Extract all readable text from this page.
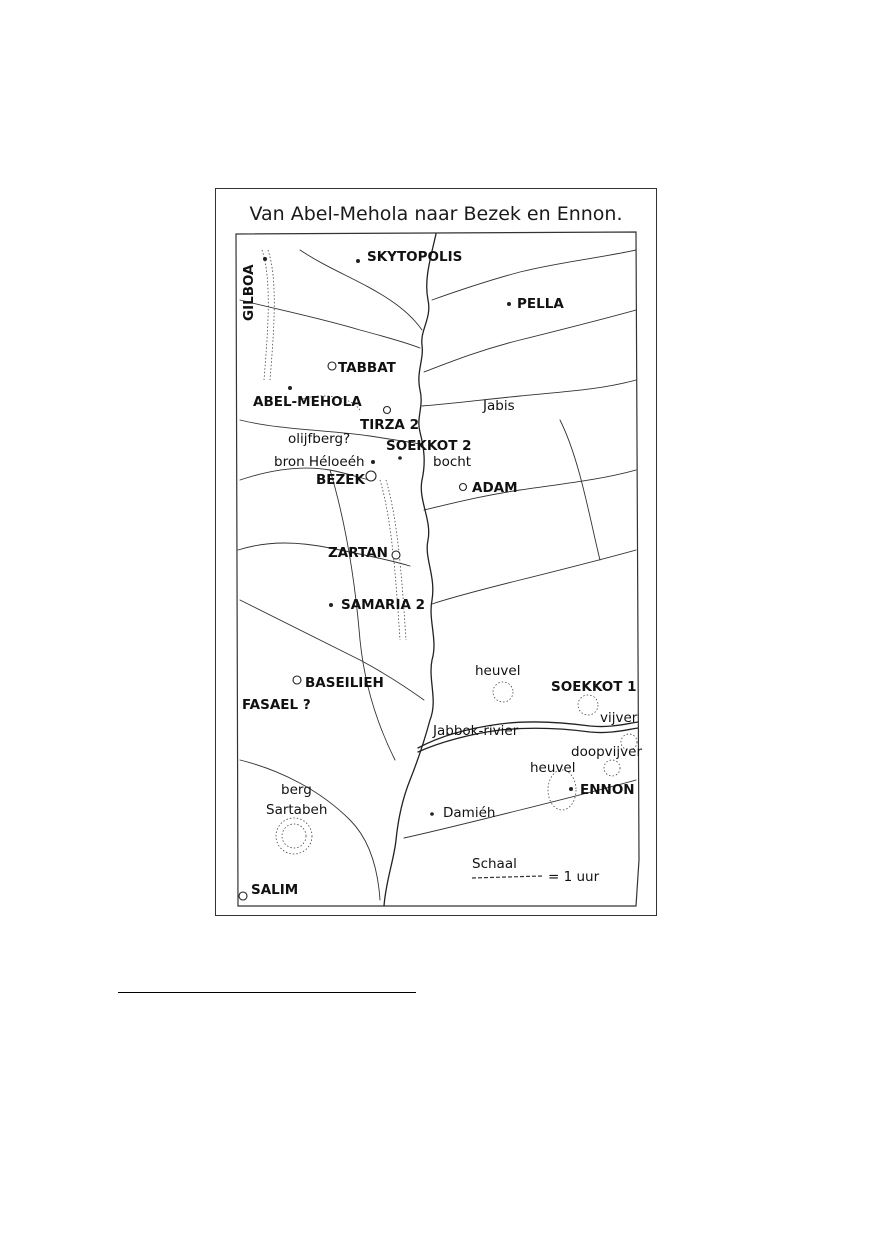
Van Abel-Mehola naar Bezek en Ennon.
GILBOA
SKYTOPOLIS
PELLA
TABBAT
ABEL-MEHOLA	Jabis
TIRZA 2
olijfberg?	SOEKKOT 2
bron Héloeéh	bocht
BEZEK	ADAM
ZARTAN
SAMARIA 2
heuvel
BASEILIEH	SOEKKOT 1
FASAEL ?
vijver
Jabbok-rivier
doopvijver
heuvel
ENNON
berg
Sartabeh	Damiéh
Schaal
= 1 uur
SALIM
